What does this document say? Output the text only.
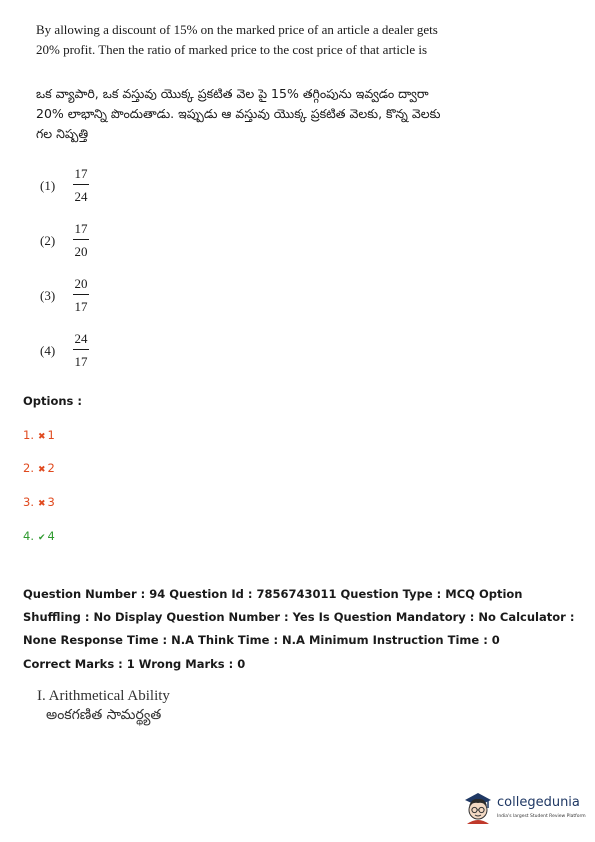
By allowing a discount of 15% on the marked price of an article a dealer gets 20% profit. Then the ratio of marked price to the cost price of that article is

ఒక వ్యాపారి, ఒక వస్తువు యొక్క ప్రకటిత వెల పై 15% తగ్గింపును ఇవ్వడం ద్వారా 20% లాభాన్ని పొందుతాడు. ఇప్పుడు ఆ వస్తువు యొక్క ప్రకటిత వెలకు, కొన్న వెలకు గల నిష్పత్తి

(1)
17
24
(2)
17
20
(3)
20
17
(4)
24
17

Options :

1. ✖ 1
2. ✖ 2
3. ✖ 3
4. ✔ 4

Question Number : 94 Question Id : 7856743011 Question Type : MCQ Option Shuffling : No Display Question Number : Yes Is Question Mandatory : No Calculator : None Response Time : N.A Think Time : N.A Minimum Instruction Time : 0

Correct Marks : 1 Wrong Marks : 0

I. Arithmetical Ability

అంకగణిత సామర్థ్యత

collegedunia
India's largest Student Review Platform
